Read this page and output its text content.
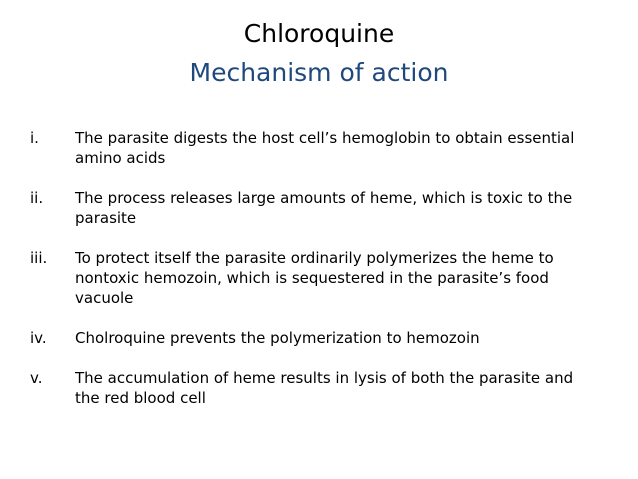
Chloroquine
Mechanism of action
i.	The parasite digests the host cell’s hemoglobin to obtain essential amino acids
ii.	The process releases large amounts of heme, which is toxic to the parasite
iii.	To protect itself the parasite ordinarily polymerizes the heme to nontoxic hemozoin, which is sequestered in the parasite’s food vacuole
iv.	Cholroquine prevents the polymerization to hemozoin
v.	The accumulation of heme results in lysis of both the parasite and the red blood cell
